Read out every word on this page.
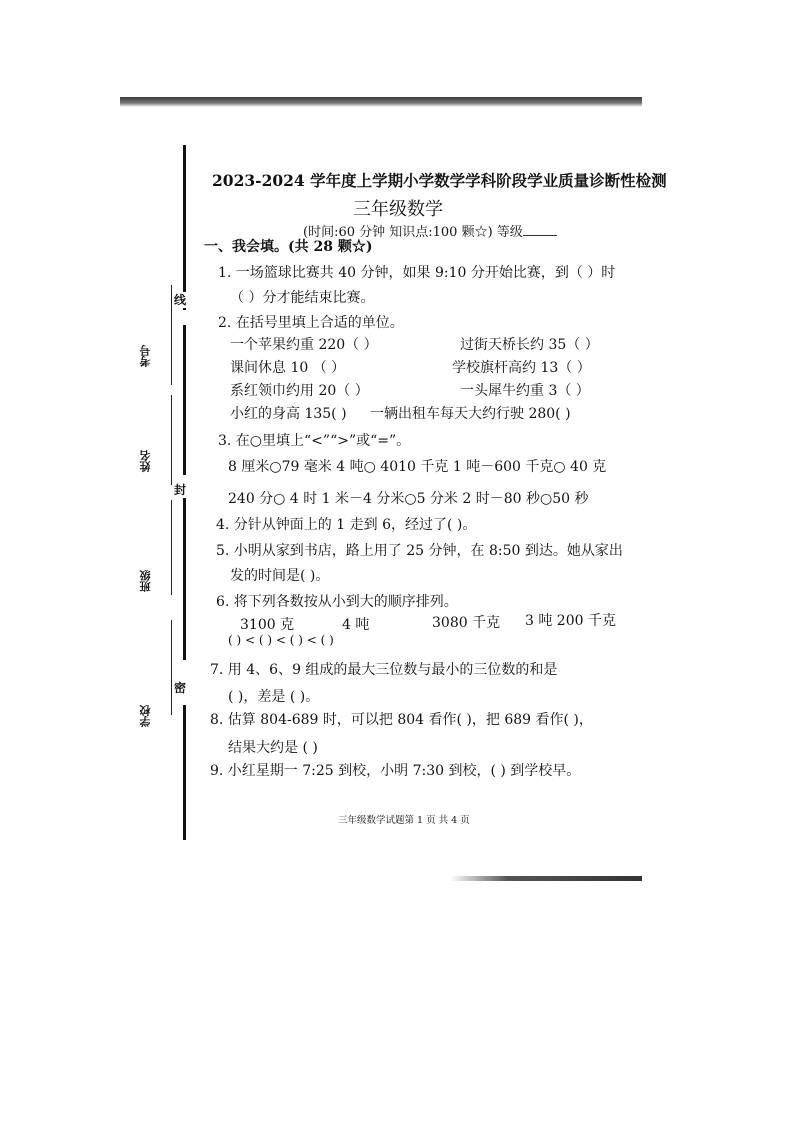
线
封
密
考号
姓名
班级
学校
2023-2024 学年度上学期小学数学学科阶段学业质量诊断性检测
三年级数学
(时间:60 分钟 知识点:100 颗☆) 等级
一、我会填。(共 28 颗☆)
1. 一场篮球比赛共 40 分钟，如果 9:10 分开始比赛，到（ ）时
（ ）分才能结束比赛。
2. 在括号里填上合适的单位。
一个苹果约重 220（ ）	过街天桥长约 35（ ）
课间休息 10 （ ）	学校旗杆高约 13（ ）
系红领巾约用 20（ ）	一头犀牛约重 3（ ）
小红的身高 135( ) 一辆出租车每天大约行驶 280( )
3. 在○里填上“<”“>”或“=”。
8 厘米○79 毫米 4 吨○ 4010 千克 1 吨－600 千克○ 40 克
240 分○ 4 时 1 米－4 分米○5 分米 2 时－80 秒○50 秒
4. 分针从钟面上的 1 走到 6，经过了( )。
5. 小明从家到书店，路上用了 25 分钟，在 8:50 到达。她从家出
发的时间是( )。
6. 将下列各数按从小到大的顺序排列。
3100 克	4 吨	3080 千克 3 吨 200 千克
( ) < ( ) < ( ) < ( )
7. 用 4、6、9 组成的最大三位数与最小的三位数的和是
( )，差是 ( )。
8. 估算 804-689 时，可以把 804 看作( )，把 689 看作( )，
结果大约是 ( )
9. 小红星期一 7:25 到校，小明 7:30 到校，( ) 到学校早。
三年级数学试题第 1 页 共 4 页
